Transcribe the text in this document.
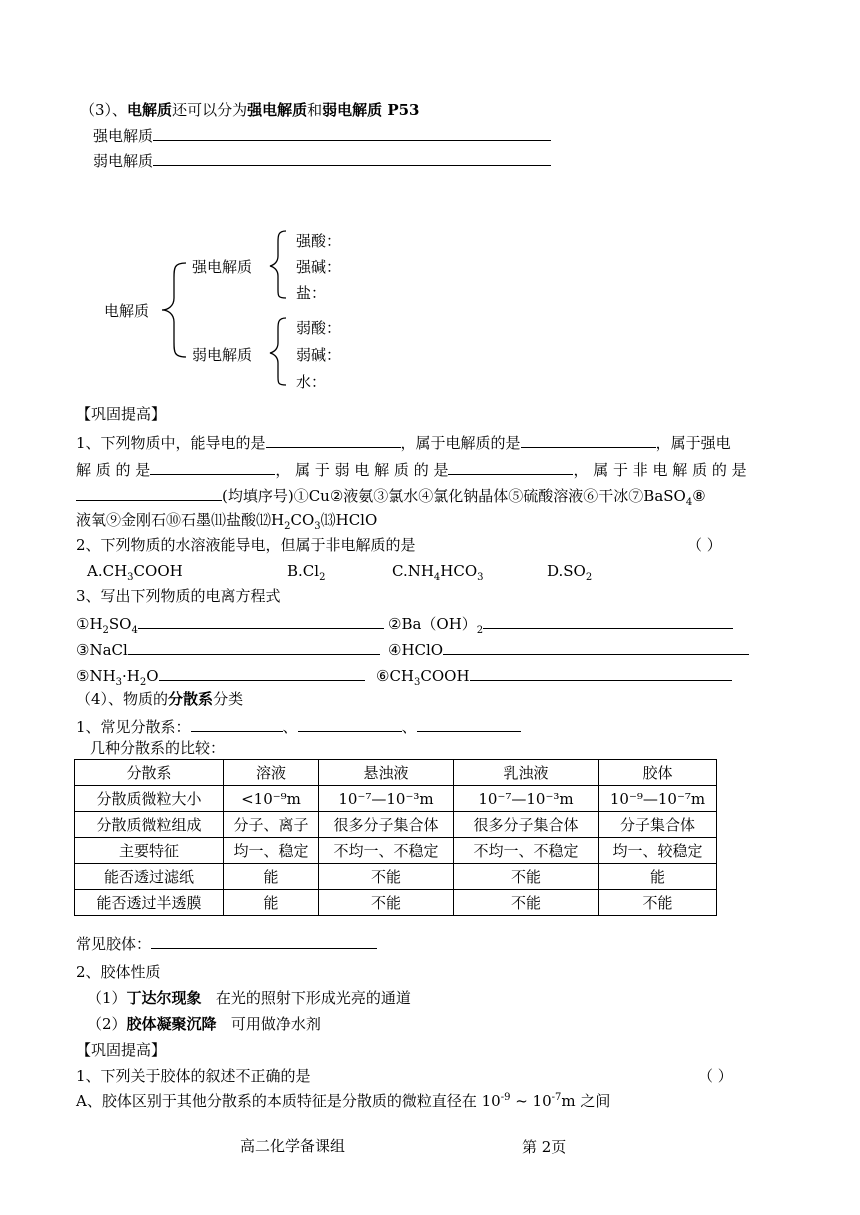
（3）、电解质还可以分为强电解质和弱电解质 P53
强电解质
弱电解质
电解质
强电解质
弱电解质
强酸：
强碱：
盐：
弱酸：
弱碱：
水：
【巩固提高】
1、下列物质中，能导电的是	，属于电解质的是	，属于强电
解 质 的 是	， 属 于 弱 电 解 质 的 是	， 属 于 非 电 解 质 的 是
(均填序号)①Cu②液氨③氯水④氯化钠晶体⑤硫酸溶液⑥干冰⑦BaSO$_4$⑧
液氧⑨金刚石⑩石墨⑾盐酸$⑿H_2CO_3⒀HClO$
2、下列物质的水溶液能导电，但属于非电解质的是	（ ）
$A.CH_3COOH$	$B.Cl_2$	$C.NH_4HCO_3$	$D.SO_2$
3、写出下列物质的电离方程式
$①H_2SO_4$	$②Ba(OH)_2$
③NaCl	④HClO
$⑤NH_3\cdot H_2O$	$⑥CH_3COOH$
（4）、物质的分散系分类
1、常见分散系：	、	、
几种分散系的比较：
分散系	溶液	悬浊液	乳浊液	胶体
分散质微粒大小	<10⁻⁹m	10⁻⁷—10⁻³m	10⁻⁷—10⁻³m	10⁻⁹—10⁻⁷m
分散质微粒组成	分子、离子	很多分子集合体	很多分子集合体	分子集合体
主要特征	均一、稳定	不均一、不稳定	不均一、不稳定	均一、较稳定
能否透过滤纸	能	不能	不能	能
能否透过半透膜	能	不能	不能	不能
常见胶体：
2、胶体性质
（1）丁达尔现象   在光的照射下形成光亮的通道
（2）胶体凝聚沉降   可用做净水剂
【巩固提高】
1、下列关于胶体的叙述不正确的是	（ ）
A、胶体区别于其他分散系的本质特征是分散质的微粒直径在 $10^{-9}$ ~ $10^{-7}m$ 之间
高二化学备课组	第 2页
